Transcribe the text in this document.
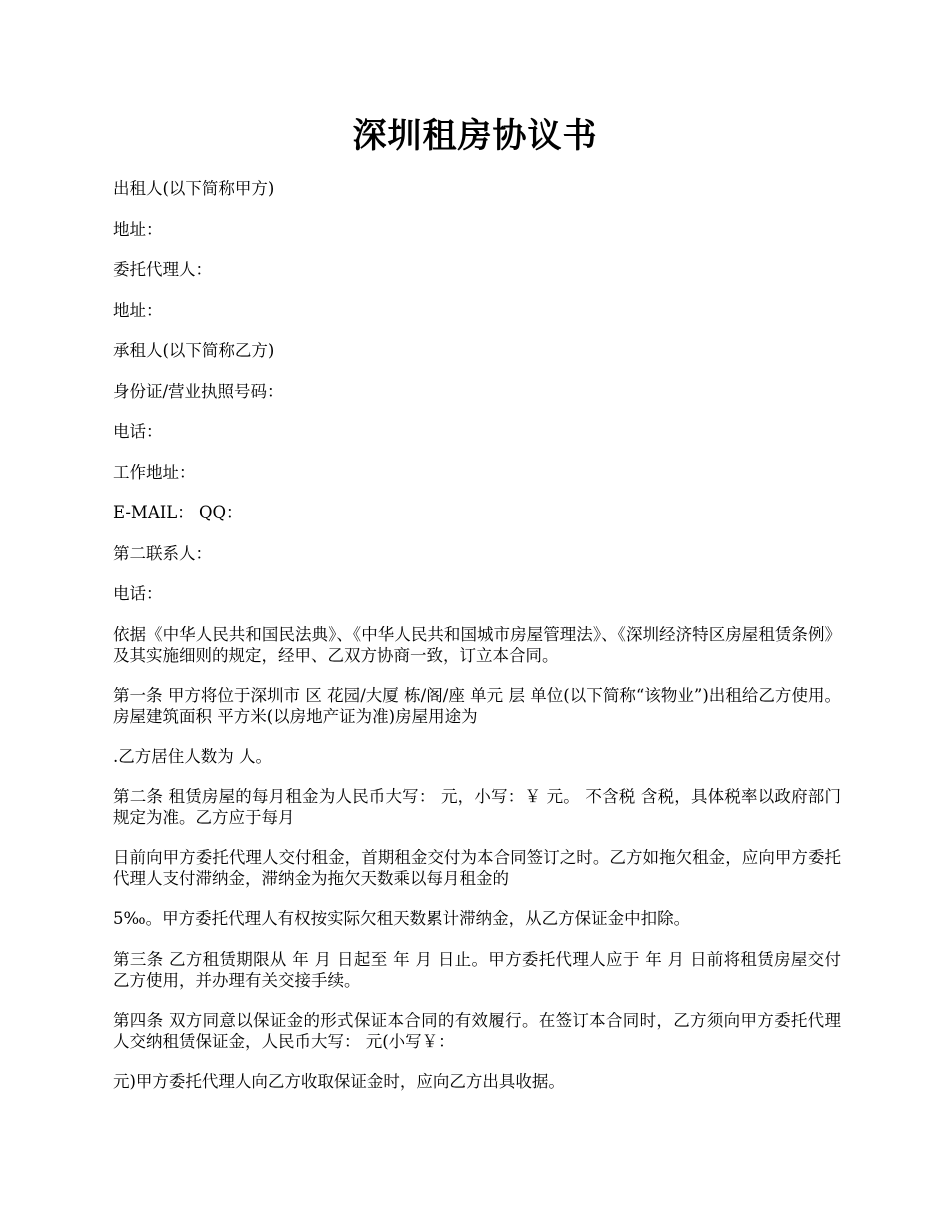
深圳租房协议书

出租人(以下简称甲方)

地址：

委托代理人：

地址：

承租人(以下简称乙方)

身份证/营业执照号码：

电话：

工作地址：

E-MAIL： QQ：

第二联系人：

电话：

依据《中华人民共和国民法典》、《中华人民共和国城市房屋管理法》、《深圳经济特区房屋租赁条例》及其实施细则的规定，经甲、乙双方协商一致，订立本合同。

第一条 甲方将位于深圳市 区 花园/大厦 栋/阁/座 单元 层 单位(以下简称“该物业”)出租给乙方使用。房屋建筑面积 平方米(以房地产证为准)房屋用途为

.乙方居住人数为 人。

第二条 租赁房屋的每月租金为人民币大写： 元，小写：￥ 元。 不含税 含税，具体税率以政府部门规定为准。乙方应于每月

日前向甲方委托代理人交付租金，首期租金交付为本合同签订之时。乙方如拖欠租金，应向甲方委托代理人支付滞纳金，滞纳金为拖欠天数乘以每月租金的

5‰。甲方委托代理人有权按实际欠租天数累计滞纳金，从乙方保证金中扣除。

第三条 乙方租赁期限从 年 月 日起至 年 月 日止。甲方委托代理人应于 年 月 日前将租赁房屋交付乙方使用，并办理有关交接手续。

第四条 双方同意以保证金的形式保证本合同的有效履行。在签订本合同时，乙方须向甲方委托代理人交纳租赁保证金，人民币大写： 元(小写￥：

元)甲方委托代理人向乙方收取保证金时，应向乙方出具收据。
